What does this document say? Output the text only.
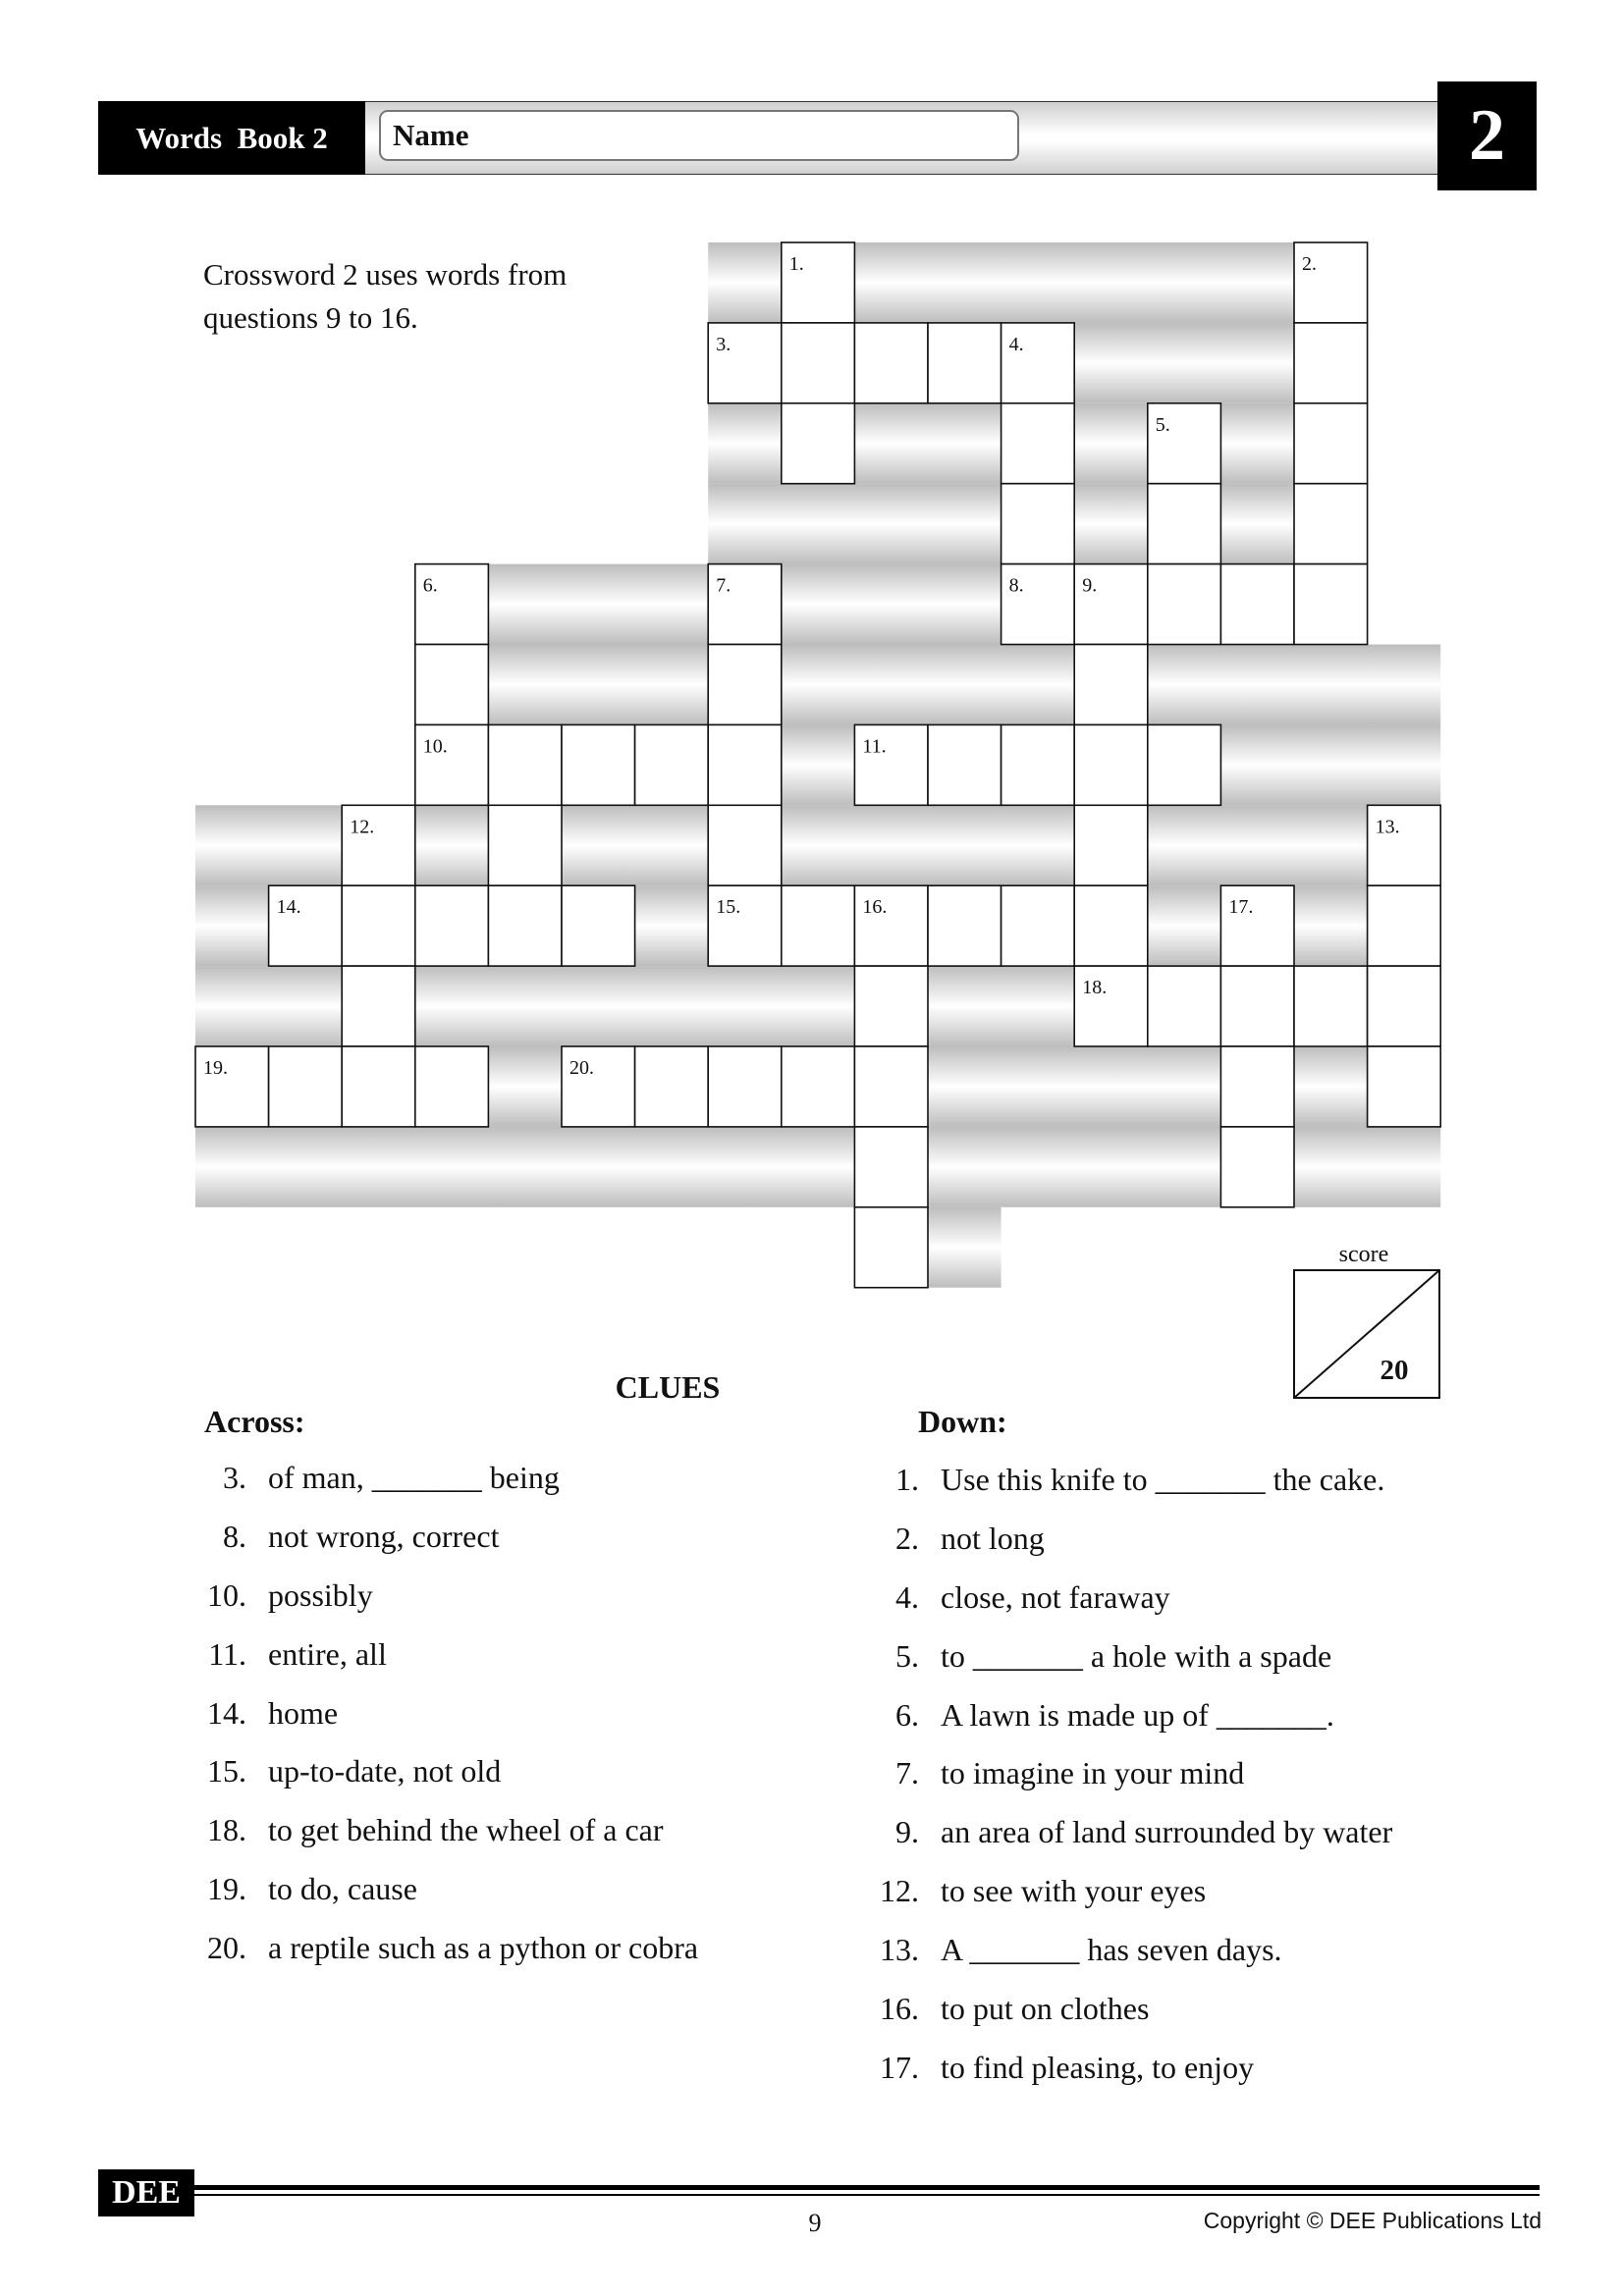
Words  Book 2	Name	2
Crossword 2 uses words from
questions 9 to 16.
1.	2.
3.	4.
5.
6.	7.	8.	9.
10.	11.
12.	13.
14.	15.	16.	17.
18.
19.	20.
score
20
CLUES
Across:	Down:
3. of man, _______ being
8. not wrong, correct
10. possibly
11. entire, all
14. home
15. up-to-date, not old
18. to get behind the wheel of a car
19. to do, cause
20. a reptile such as a python or cobra
1. Use this knife to _______ the cake.
2. not long
4. close, not faraway
5. to _______ a hole with a spade
6. A lawn is made up of _______.
7. to imagine in your mind
9. an area of land surrounded by water
12. to see with your eyes
13. A _______ has seven days.
16. to put on clothes
17. to find pleasing, to enjoy
DEE
9	Copyright © DEE Publications Ltd
